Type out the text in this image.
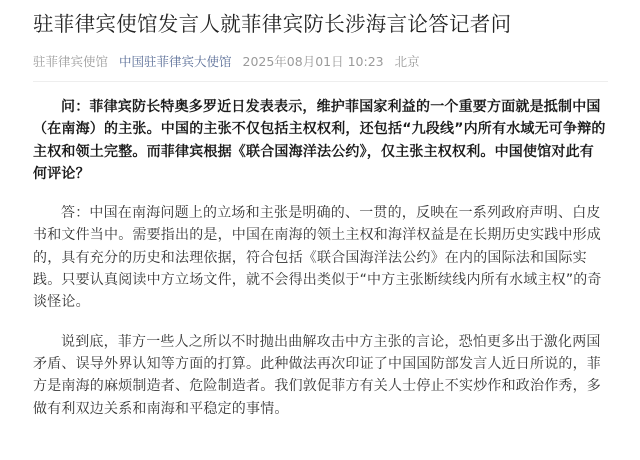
驻菲律宾使馆发言人就菲律宾防长涉海言论答记者问
驻菲律宾使馆 中国驻菲律宾大使馆 2025年08月01日 10:23 北京

问：菲律宾防长特奥多罗近日发表表示，维护菲国家利益的一个重要方面就是抵制中国（在南海）的主张。中国的主张不仅包括主权权利，还包括“九段线”内所有水域无可争辩的主权和领土完整。而菲律宾根据《联合国海洋法公约》，仅主张主权权利。中国使馆对此有何评论？

答：中国在南海问题上的立场和主张是明确的、一贯的，反映在一系列政府声明、白皮书和文件当中。需要指出的是，中国在南海的领土主权和海洋权益是在长期历史实践中形成的，具有充分的历史和法理依据，符合包括《联合国海洋法公约》在内的国际法和国际实践。只要认真阅读中方立场文件，就不会得出类似于“中方主张断续线内所有水域主权”的奇谈怪论。

说到底，菲方一些人之所以不时抛出曲解攻击中方主张的言论，恐怕更多出于激化两国矛盾、误导外界认知等方面的打算。此种做法再次印证了中国国防部发言人近日所说的，菲方是南海的麻烦制造者、危险制造者。我们敦促菲方有关人士停止不实炒作和政治作秀，多做有利双边关系和南海和平稳定的事情。
